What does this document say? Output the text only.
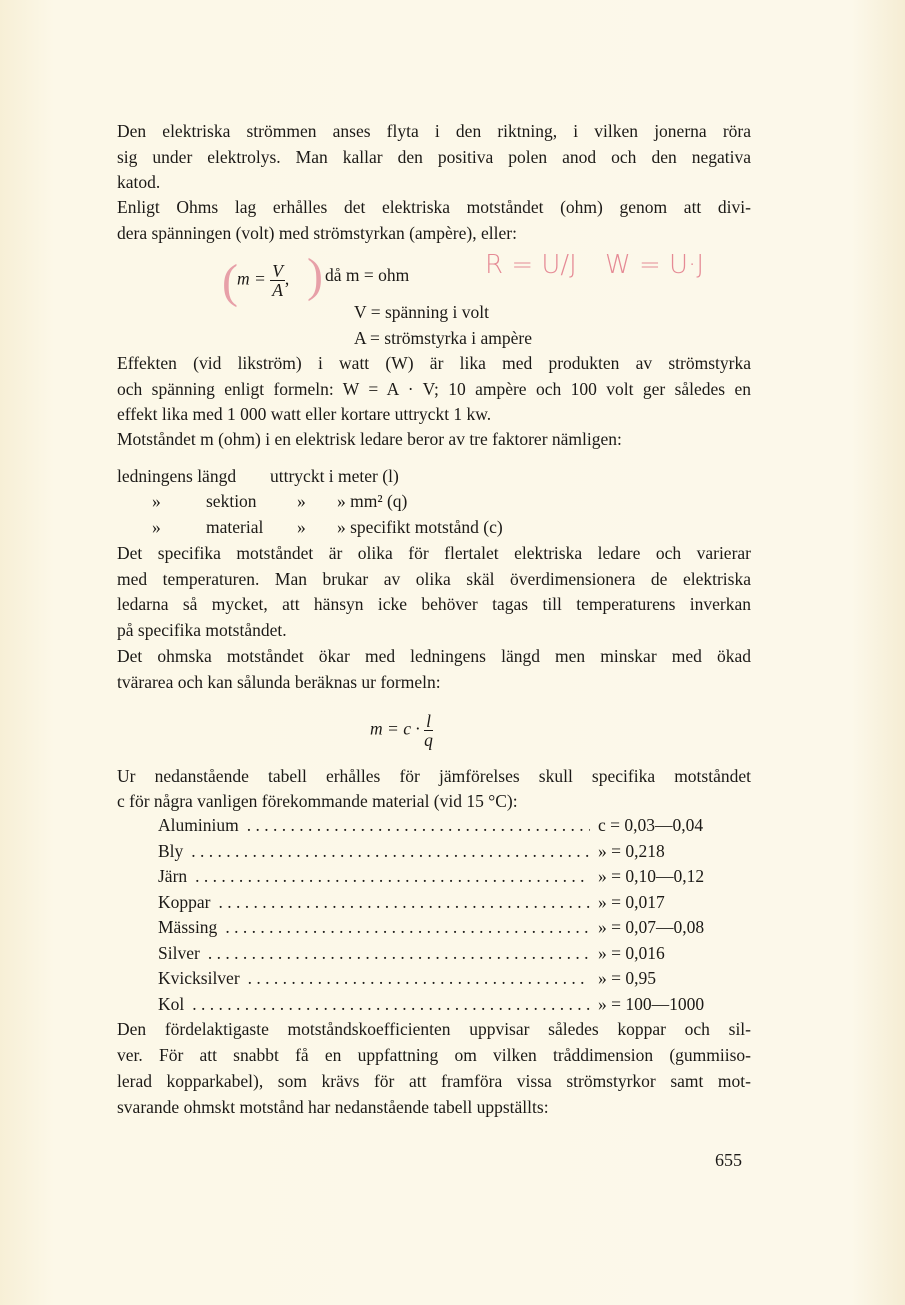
Den elektriska strömmen anses flyta i den riktning, i vilken jonerna röra
sig under elektrolys. Man kallar den positiva polen anod och den negativa
katod.
Enligt Ohms lag erhålles det elektriska motståndet (ohm) genom att divi-
dera spänningen (volt) med strömstyrkan (ampère), eller:
( $m = \frac{V}{A}$ , ) då m = ohm
V = spänning i volt
A = strömstyrka i ampère
R = U/J W = U·J
Effekten (vid likström) i watt (W) är lika med produkten av strömstyrka
och spänning enligt formeln: W = A · V; 10 ampère och 100 volt ger således en
effekt lika med 1 000 watt eller kortare uttryckt 1 kw.
Motståndet m (ohm) i en elektrisk ledare beror av tre faktorer nämligen:
ledningens längd uttryckt i meter (l)
»	sektion » » mm² (q)
»	material » » specifikt motstånd (c)
Det specifika motståndet är olika för flertalet elektriska ledare och varierar
med temperaturen. Man brukar av olika skäl överdimensionera de elektriska
ledarna så mycket, att hänsyn icke behöver tagas till temperaturens inverkan
på specifika motståndet.
Det ohmska motståndet ökar med ledningens längd men minskar med ökad
tvärarea och kan sålunda beräknas ur formeln:
$m = c \cdot \frac{l}{q}$
Ur nedanstående tabell erhålles för jämförelses skull specifika motståndet
c för några vanligen förekommande material (vid 15 °C):
Aluminium . . .	c = 0,03—0,04
Bly . . .	» = 0,218
Järn . . .	» = 0,10—0,12
Koppar . . .	» = 0,017
Mässing . . .	» = 0,07—0,08
Silver . . .	» = 0,016
Kvicksilver . . .	» = 0,95
Kol . . .	» = 100—1000
Den fördelaktigaste motståndskoefficienten uppvisar således koppar och sil-
ver. För att snabbt få en uppfattning om vilken tråddimension (gummiiso-
lerad kopparkabel), som krävs för att framföra vissa strömstyrkor samt mot-
svarande ohmskt motstånd har nedanstående tabell uppställts:
655
